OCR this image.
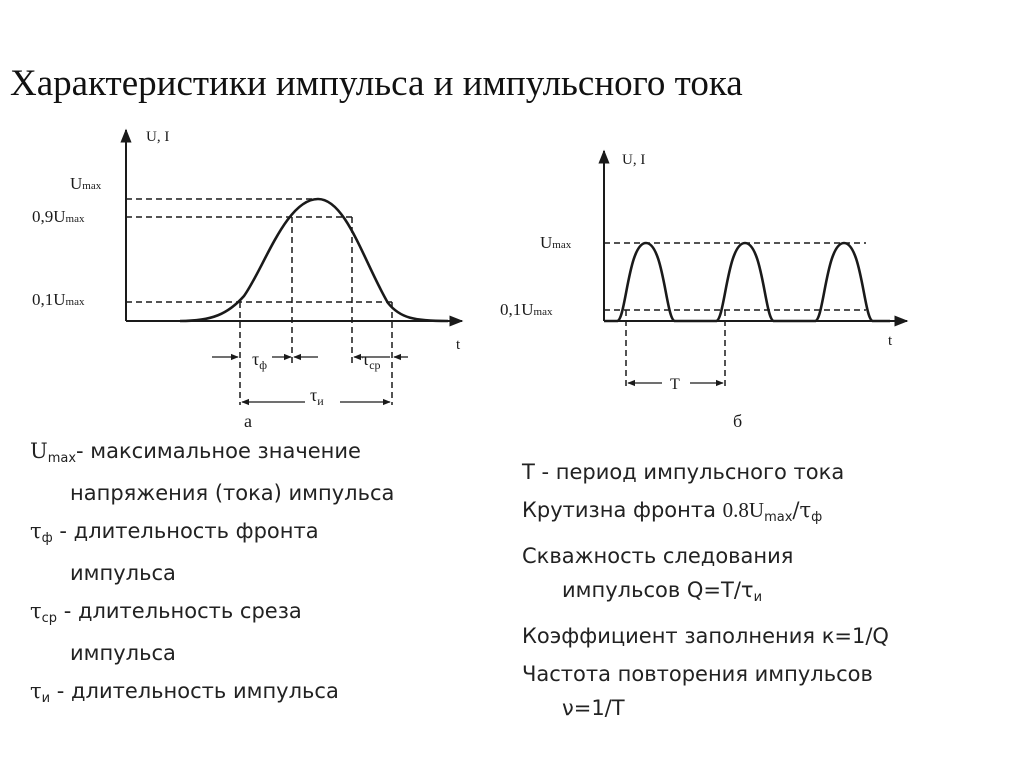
Характеристики импульса и импульсного тока
U, I
t
Umax
0,9Umax
0,1Umax
$\tau_ф$	$\tau_{ср}$
$\tau_и$
а
U, I
t
T
Umax
0,1Umax
б
$U_{max}-$ максимальное значение
напряжения (тока) импульса
$\tau_ф$ - длительность фронта
импульса
$\tau_{ср}$ - длительность среза
импульса
$\tau_и$ - длительность импульса
Т - период импульсного тока
Крутизна фронта $0.8U_{max}/\tau_ф$
Скважность следования
импульсов $Q=T/\tau_и$
Коэффициент заполнения к=1/Q
Частота повторения импульсов
ν=1/T
